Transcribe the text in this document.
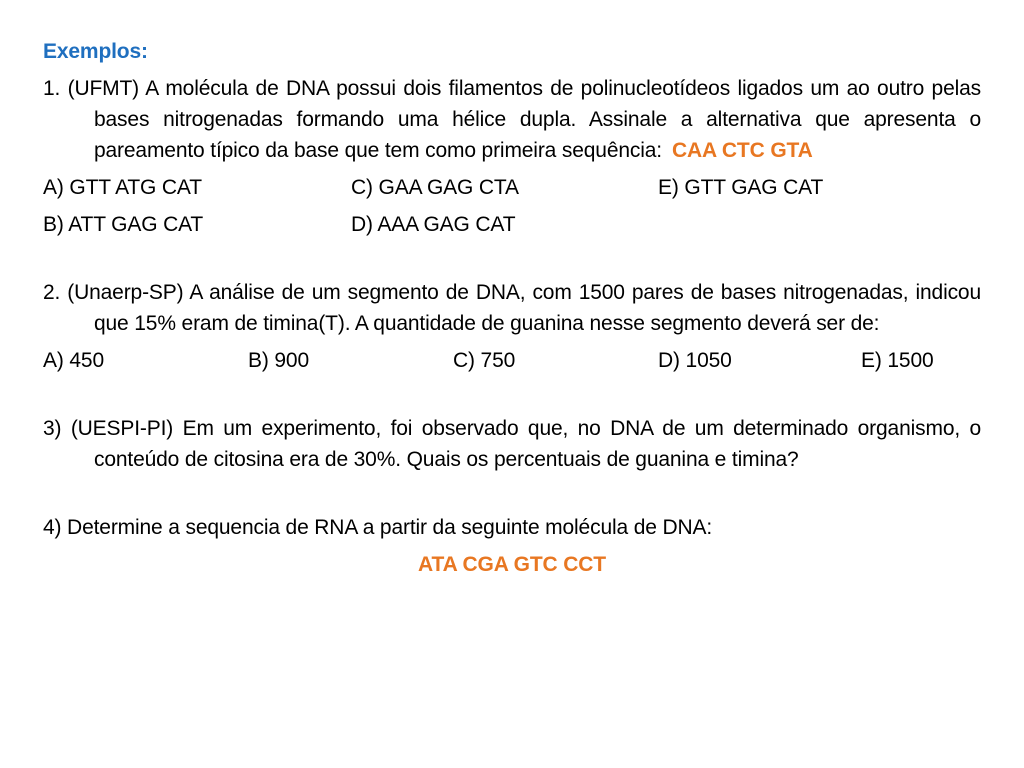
Exemplos:
1. (UFMT) A molécula de DNA possui dois filamentos de polinucleotídeos ligados um ao outro pelas bases nitrogenadas formando uma hélice dupla. Assinale a alternativa que apresenta o pareamento típico da base que tem como primeira sequência: CAA CTC GTA
A) GTT ATG CAT	C) GAA GAG CTA	E) GTT GAG CAT
B) ATT GAG CAT	D) AAA GAG CAT
2. (Unaerp-SP) A análise de um segmento de DNA, com 1500 pares de bases nitrogenadas, indicou que 15% eram de timina(T). A quantidade de guanina nesse segmento deverá ser de:
A) 450	B) 900	C) 750	D) 1050	E) 1500
3) (UESPI-PI) Em um experimento, foi observado que, no DNA de um determinado organismo, o conteúdo de citosina era de 30%. Quais os percentuais de guanina e timina?
4) Determine a sequencia de RNA a partir da seguinte molécula de DNA:
ATA CGA GTC CCT
